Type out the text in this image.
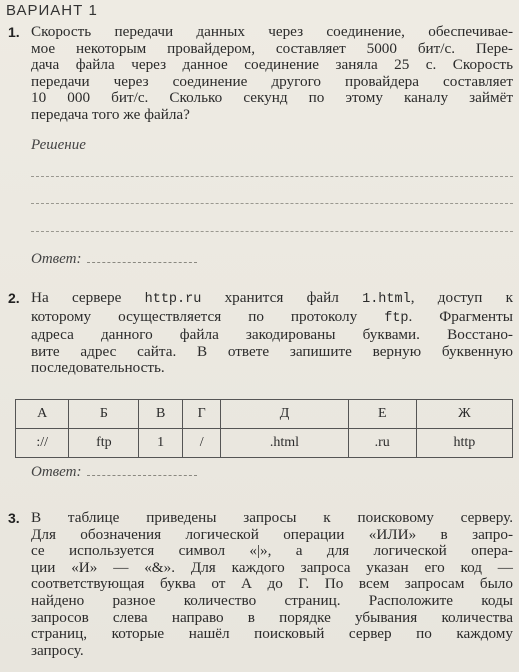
ВАРИАНТ 1
1. Скорость передачи данных через соединение, обеспечивае-
мое некоторым провайдером, составляет 5000 бит/с. Пере-
дача файла через данное соединение заняла 25 с. Скорость
передачи через соединение другого провайдера составляет
10 000 бит/с. Сколько секунд по этому каналу займёт
передача того же файла?
Решение
Ответ:
2. На сервере http.ru хранится файл 1.html, доступ к
которому осуществляется по протоколу ftp. Фрагменты
адреса данного файла закодированы буквами. Восстано-
вите адрес сайта. В ответе запишите верную буквенную
последовательность.
А	Б	В	Г	Д	Е	Ж
://	ftp	1	/	.html	.ru	http
Ответ:
3. В таблице приведены запросы к поисковому серверу.
Для обозначения логической операции «ИЛИ» в запро-
се используется символ «|», а для логической опера-
ции «И» — «&». Для каждого запроса указан его код —
соответствующая буква от А до Г. По всем запросам было
найдено разное количество страниц. Расположите коды
запросов слева направо в порядке убывания количества
страниц, которые нашёл поисковый сервер по каждому
запросу.
